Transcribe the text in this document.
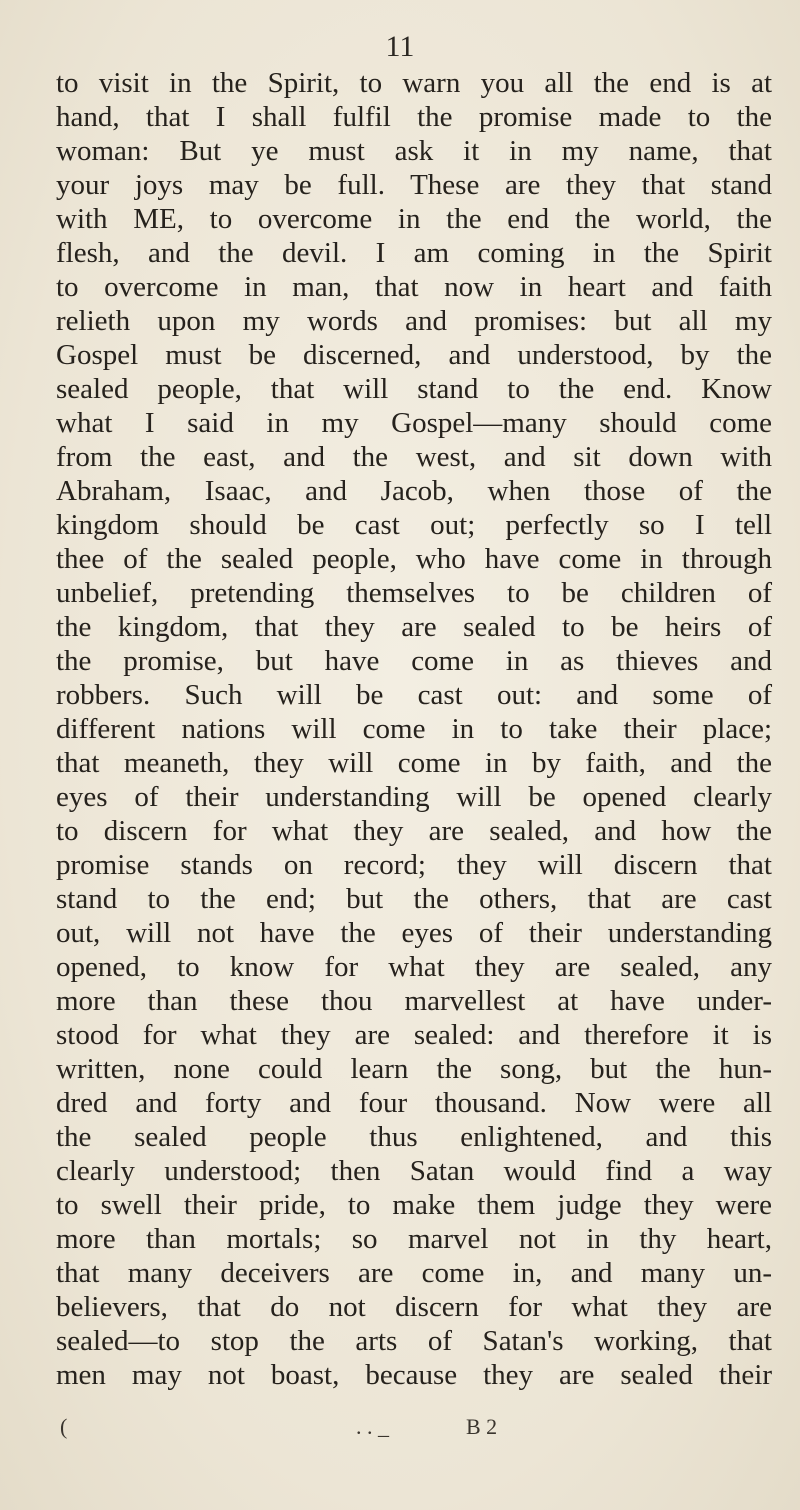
11
to visit in the Spirit, to warn you all the end is at
hand, that I shall fulfil the promise made to the
woman: But ye must ask it in my name, that
your joys may be full. These are they that stand
with ME, to overcome in the end the world, the
flesh, and the devil. I am coming in the Spirit
to overcome in man, that now in heart and faith
relieth upon my words and promises: but all my
Gospel must be discerned, and understood, by the
sealed people, that will stand to the end. Know
what I said in my Gospel—many should come
from the east, and the west, and sit down with
Abraham, Isaac, and Jacob, when those of the
kingdom should be cast out; perfectly so I tell
thee of the sealed people, who have come in through
unbelief, pretending themselves to be children of
the kingdom, that they are sealed to be heirs of
the promise, but have come in as thieves and
robbers. Such will be cast out: and some of
different nations will come in to take their place;
that meaneth, they will come in by faith, and the
eyes of their understanding will be opened clearly
to discern for what they are sealed, and how the
promise stands on record; they will discern that
stand to the end; but the others, that are cast
out, will not have the eyes of their understanding
opened, to know for what they are sealed, any
more than these thou marvellest at have under-
stood for what they are sealed: and therefore it is
written, none could learn the song, but the hun-
dred and forty and four thousand. Now were all
the sealed people thus enlightened, and this
clearly understood; then Satan would find a way
to swell their pride, to make them judge they were
more than mortals; so marvel not in thy heart,
that many deceivers are come in, and many un-
believers, that do not discern for what they are
sealed—to stop the arts of Satan's working, that
men may not boast, because they are sealed their
(	. . _	B 2
